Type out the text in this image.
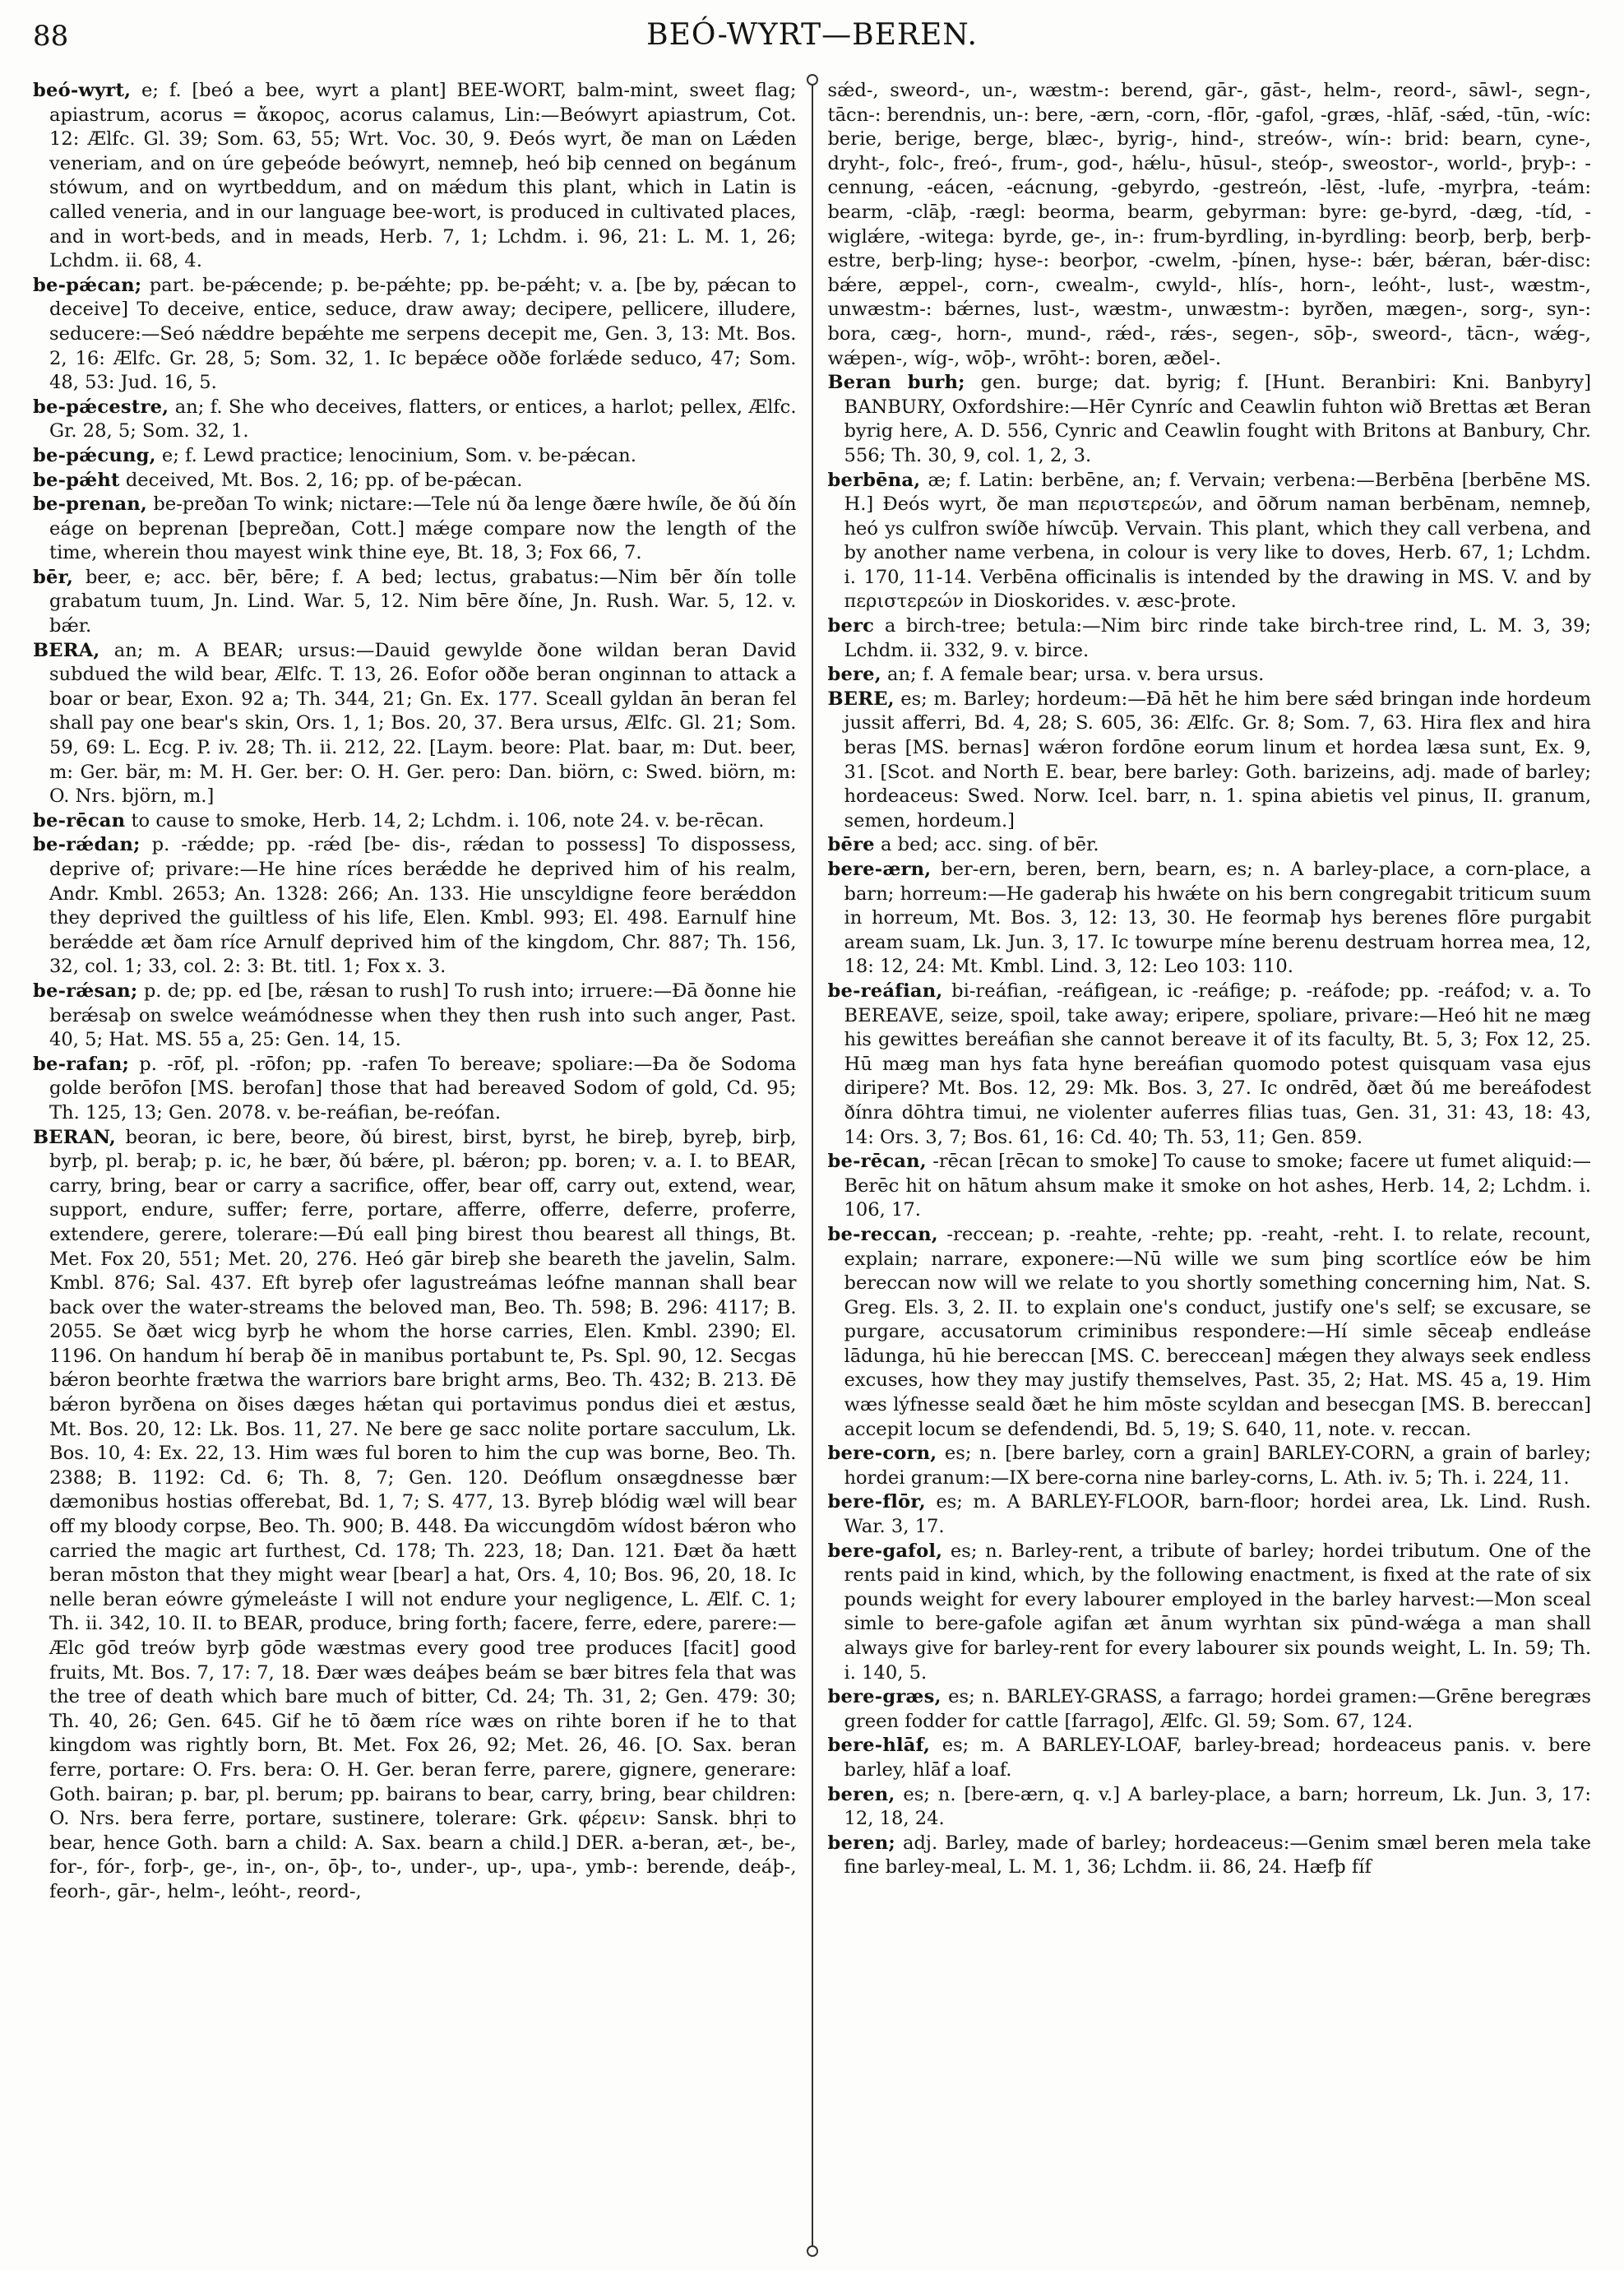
88	BEÓ-WYRT—BEREN.

beó-wyrt, e; f. [beó a bee, wyrt a plant] BEE-WORT, balm-mint, sweet flag; apiastrum, acorus = ἄκορος, acorus calamus, Lin:—Beówyrt apiastrum, Cot. 12: Ælfc. Gl. 39; Som. 63, 55; Wrt. Voc. 30, 9. Ðeós wyrt, ðe man on Lǽden veneriam, and on úre geþeóde beówyrt, nemneþ, heó biþ cenned on begánum stówum, and on wyrtbeddum, and on mǽdum this plant, which in Latin is called veneria, and in our language bee-wort, is produced in cultivated places, and in wort-beds, and in meads, Herb. 7, 1; Lchdm. i. 96, 21: L. M. 1, 26; Lchdm. ii. 68, 4.

be-pǽcan; part. be-pǽcende; p. be-pǽhte; pp. be-pǽht; v. a. [be by, pǽcan to deceive] To deceive, entice, seduce, draw away; decipere, pellicere, illudere, seducere:—Seó nǽddre bepǽhte me serpens decepit me, Gen. 3, 13: Mt. Bos. 2, 16: Ælfc. Gr. 28, 5; Som. 32, 1. Ic bepǽce oððe forlǽde seduco, 47; Som. 48, 53: Jud. 16, 5.

be-pǽcestre, an; f. She who deceives, flatters, or entices, a harlot; pellex, Ælfc. Gr. 28, 5; Som. 32, 1.

be-pǽcung, e; f. Lewd practice; lenocinium, Som. v. be-pǽcan.

be-pǽht deceived, Mt. Bos. 2, 16; pp. of be-pǽcan.

be-prenan, be-preðan To wink; nictare:—Tele nú ða lenge ðære hwíle, ðe ðú ðín eáge on beprenan [bepreðan, Cott.] mǽge compare now the length of the time, wherein thou mayest wink thine eye, Bt. 18, 3; Fox 66, 7.

bēr, beer, e; acc. bēr, bēre; f. A bed; lectus, grabatus:—Nim bēr ðín tolle grabatum tuum, Jn. Lind. War. 5, 12. Nim bēre ðíne, Jn. Rush. War. 5, 12. v. bǽr.

BERA, an; m. A BEAR; ursus:—Dauid gewylde ðone wildan beran David subdued the wild bear, Ælfc. T. 13, 26. Eofor oððe beran onginnan to attack a boar or bear, Exon. 92 a; Th. 344, 21; Gn. Ex. 177. Sceall gyldan ān beran fel shall pay one bear's skin, Ors. 1, 1; Bos. 20, 37. Bera ursus, Ælfc. Gl. 21; Som. 59, 69: L. Ecg. P. iv. 28; Th. ii. 212, 22. [Laym. beore: Plat. baar, m: Dut. beer, m: Ger. bär, m: M. H. Ger. ber: O. H. Ger. pero: Dan. biörn, c: Swed. biörn, m: O. Nrs. björn, m.]

be-rēcan to cause to smoke, Herb. 14, 2; Lchdm. i. 106, note 24. v. be-rēcan.

be-rǽdan; p. -rǽdde; pp. -rǽd [be- dis-, rǽdan to possess] To dispossess, deprive of; privare:—He hine ríces berǽdde he deprived him of his realm, Andr. Kmbl. 2653; An. 1328: 266; An. 133. Hie unscyldigne feore berǽddon they deprived the guiltless of his life, Elen. Kmbl. 993; El. 498. Earnulf hine berǽdde æt ðam ríce Arnulf deprived him of the kingdom, Chr. 887; Th. 156, 32, col. 1; 33, col. 2: 3: Bt. titl. 1; Fox x. 3.

be-rǽsan; p. de; pp. ed [be, rǽsan to rush] To rush into; irruere:—Ðā ðonne hie berǽsaþ on swelce weámódnesse when they then rush into such anger, Past. 40, 5; Hat. MS. 55 a, 25: Gen. 14, 15.

be-rafan; p. -rōf, pl. -rōfon; pp. -rafen To bereave; spoliare:—Ða ðe Sodoma golde berōfon [MS. berofan] those that had bereaved Sodom of gold, Cd. 95; Th. 125, 13; Gen. 2078. v. be-reáfian, be-reófan.

BERAN, beoran, ic bere, beore, ðú birest, birst, byrst, he bireþ, byreþ, birþ, byrþ, pl. beraþ; p. ic, he bær, ðú bǽre, pl. bǽron; pp. boren; v. a. I. to BEAR, carry, bring, bear or carry a sacrifice, offer, bear off, carry out, extend, wear, support, endure, suffer; ferre, portare, afferre, offerre, deferre, proferre, extendere, gerere, tolerare:—Ðú eall þing birest thou bearest all things, Bt. Met. Fox 20, 551; Met. 20, 276. Heó gār bireþ she beareth the javelin, Salm. Kmbl. 876; Sal. 437. Eft byreþ ofer lagustreámas leófne mannan shall bear back over the water-streams the beloved man, Beo. Th. 598; B. 296: 4117; B. 2055. Se ðæt wicg byrþ he whom the horse carries, Elen. Kmbl. 2390; El. 1196. On handum hí beraþ ðē in manibus portabunt te, Ps. Spl. 90, 12. Secgas bǽron beorhte frætwa the warriors bare bright arms, Beo. Th. 432; B. 213. Ðē bǽron byrðena on ðises dæges hǽtan qui portavimus pondus diei et æstus, Mt. Bos. 20, 12: Lk. Bos. 11, 27. Ne bere ge sacc nolite portare sacculum, Lk. Bos. 10, 4: Ex. 22, 13. Him wæs ful boren to him the cup was borne, Beo. Th. 2388; B. 1192: Cd. 6; Th. 8, 7; Gen. 120. Deóflum onsægdnesse bær dæmonibus hostias offerebat, Bd. 1, 7; S. 477, 13. Byreþ blódig wæl will bear off my bloody corpse, Beo. Th. 900; B. 448. Ða wiccungdōm wídost bǽron who carried the magic art furthest, Cd. 178; Th. 223, 18; Dan. 121. Ðæt ða hætt beran mōston that they might wear [bear] a hat, Ors. 4, 10; Bos. 96, 20, 18. Ic nelle beran eówre gýmeleáste I will not endure your negligence, L. Ælf. C. 1; Th. ii. 342, 10. II. to BEAR, produce, bring forth; facere, ferre, edere, parere:—Ælc gōd treów byrþ gōde wæstmas every good tree produces [facit] good fruits, Mt. Bos. 7, 17: 7, 18. Ðær wæs deáþes beám se bær bitres fela that was the tree of death which bare much of bitter, Cd. 24; Th. 31, 2; Gen. 479: 30; Th. 40, 26; Gen. 645. Gif he tō ðæm ríce wæs on rihte boren if he to that kingdom was rightly born, Bt. Met. Fox 26, 92; Met. 26, 46. [O. Sax. beran ferre, portare: O. Frs. bera: O. H. Ger. beran ferre, parere, gignere, generare: Goth. bairan; p. bar, pl. berum; pp. bairans to bear, carry, bring, bear children: O. Nrs. bera ferre, portare, sustinere, tolerare: Grk. φέρειν: Sansk. bhṛi to bear, hence Goth. barn a child: A. Sax. bearn a child.] DER. a-beran, æt-, be-, for-, fór-, forþ-, ge-, in-, on-, ōþ-, to-, under-, up-, upa-, ymb-: berende, deáþ-, feorh-, gār-, helm-, leóht-, reord-,

sǽd-, sweord-, un-, wæstm-: berend, gār-, gāst-, helm-, reord-, sāwl-, segn-, tācn-: berendnis, un-: bere, -ærn, -corn, -flōr, -gafol, -græs, -hlāf, -sǽd, -tūn, -wíc: berie, berige, berge, blæc-, byrig-, hind-, streów-, wín-: brid: bearn, cyne-, dryht-, folc-, freó-, frum-, god-, hǽlu-, hūsul-, steóp-, sweostor-, world-, þryþ-: -cennung, -eácen, -eácnung, -gebyrdo, -gestreón, -lēst, -lufe, -myrþra, -teám: bearm, -clāþ, -rægl: beorma, bearm, gebyrman: byre: ge-byrd, -dæg, -tíd, -wiglǽre, -witega: byrde, ge-, in-: frum-byrdling, in-byrdling: beorþ, berþ, berþ-estre, berþ-ling; hyse-: beorþor, -cwelm, -þínen, hyse-: bǽr, bǽran, bǽr-disc: bǽre, æppel-, corn-, cwealm-, cwyld-, hlís-, horn-, leóht-, lust-, wæstm-, unwæstm-: bǽrnes, lust-, wæstm-, unwæstm-: byrðen, mægen-, sorg-, syn-: bora, cæg-, horn-, mund-, rǽd-, rǽs-, segen-, sōþ-, sweord-, tācn-, wǽg-, wǽpen-, wíg-, wōþ-, wrōht-: boren, æðel-.

Beran burh; gen. burge; dat. byrig; f. [Hunt. Beranbiri: Kni. Banbyry] BANBURY, Oxfordshire:—Hēr Cynríc and Ceawlin fuhton wið Brettas æt Beran byrig here, A. D. 556, Cynric and Ceawlin fought with Britons at Banbury, Chr. 556; Th. 30, 9, col. 1, 2, 3.

berbēna, æ; f. Latin: berbēne, an; f. Vervain; verbena:—Berbēna [berbēne MS. H.] Ðeós wyrt, ðe man περιστερεών, and ōðrum naman berbēnam, nemneþ, heó ys culfron swíðe híwcūþ. Vervain. This plant, which they call verbena, and by another name verbena, in colour is very like to doves, Herb. 67, 1; Lchdm. i. 170, 11-14. Verbēna officinalis is intended by the drawing in MS. V. and by περιστερεών in Dioskorides. v. æsc-þrote.

berc a birch-tree; betula:—Nim birc rinde take birch-tree rind, L. M. 3, 39; Lchdm. ii. 332, 9. v. birce.

bere, an; f. A female bear; ursa. v. bera ursus.

BERE, es; m. Barley; hordeum:—Ðā hēt he him bere sǽd bringan inde hordeum jussit afferri, Bd. 4, 28; S. 605, 36: Ælfc. Gr. 8; Som. 7, 63. Hira flex and hira beras [MS. bernas] wǽron fordōne eorum linum et hordea læsa sunt, Ex. 9, 31. [Scot. and North E. bear, bere barley: Goth. barizeins, adj. made of barley; hordeaceus: Swed. Norw. Icel. barr, n. 1. spina abietis vel pinus, II. granum, semen, hordeum.]

bēre a bed; acc. sing. of bēr.

bere-ærn, ber-ern, beren, bern, bearn, es; n. A barley-place, a corn-place, a barn; horreum:—He gaderaþ his hwǽte on his bern congregabit triticum suum in horreum, Mt. Bos. 3, 12: 13, 30. He feormaþ hys berenes flōre purgabit aream suam, Lk. Jun. 3, 17. Ic towurpe míne berenu destruam horrea mea, 12, 18: 12, 24: Mt. Kmbl. Lind. 3, 12: Leo 103: 110.

be-reáfian, bi-reáfian, -reáfigean, ic -reáfige; p. -reáfode; pp. -reáfod; v. a. To BEREAVE, seize, spoil, take away; eripere, spoliare, privare:—Heó hit ne mæg his gewittes bereáfian she cannot bereave it of its faculty, Bt. 5, 3; Fox 12, 25. Hū mæg man hys fata hyne bereáfian quomodo potest quisquam vasa ejus diripere? Mt. Bos. 12, 29: Mk. Bos. 3, 27. Ic ondrēd, ðæt ðú me bereáfodest ðínra dōhtra timui, ne violenter auferres filias tuas, Gen. 31, 31: 43, 18: 43, 14: Ors. 3, 7; Bos. 61, 16: Cd. 40; Th. 53, 11; Gen. 859.

be-rēcan, -rēcan [rēcan to smoke] To cause to smoke; facere ut fumet aliquid:—Berēc hit on hātum ahsum make it smoke on hot ashes, Herb. 14, 2; Lchdm. i. 106, 17.

be-reccan, -reccean; p. -reahte, -rehte; pp. -reaht, -reht. I. to relate, recount, explain; narrare, exponere:—Nū wille we sum þing scortlíce eów be him bereccan now will we relate to you shortly something concerning him, Nat. S. Greg. Els. 3, 2. II. to explain one's conduct, justify one's self; se excusare, se purgare, accusatorum criminibus respondere:—Hí simle sēceaþ endleáse lādunga, hū hie bereccan [MS. C. bereccean] mǽgen they always seek endless excuses, how they may justify themselves, Past. 35, 2; Hat. MS. 45 a, 19. Him wæs lýfnesse seald ðæt he him mōste scyldan and besecgan [MS. B. bereccan] accepit locum se defendendi, Bd. 5, 19; S. 640, 11, note. v. reccan.

bere-corn, es; n. [bere barley, corn a grain] BARLEY-CORN, a grain of barley; hordei granum:—IX bere-corna nine barley-corns, L. Ath. iv. 5; Th. i. 224, 11.

bere-flōr, es; m. A BARLEY-FLOOR, barn-floor; hordei area, Lk. Lind. Rush. War. 3, 17.

bere-gafol, es; n. Barley-rent, a tribute of barley; hordei tributum. One of the rents paid in kind, which, by the following enactment, is fixed at the rate of six pounds weight for every labourer employed in the barley harvest:—Mon sceal simle to bere-gafole agifan æt ānum wyrhtan six pūnd-wǽga a man shall always give for barley-rent for every labourer six pounds weight, L. In. 59; Th. i. 140, 5.

bere-græs, es; n. BARLEY-GRASS, a farrago; hordei gramen:—Grēne beregræs green fodder for cattle [farrago], Ælfc. Gl. 59; Som. 67, 124.

bere-hlāf, es; m. A BARLEY-LOAF, barley-bread; hordeaceus panis. v. bere barley, hlāf a loaf.

beren, es; n. [bere-ærn, q. v.] A barley-place, a barn; horreum, Lk. Jun. 3, 17: 12, 18, 24.

beren; adj. Barley, made of barley; hordeaceus:—Genim smæl beren mela take fine barley-meal, L. M. 1, 36; Lchdm. ii. 86, 24. Hæfþ fíf
